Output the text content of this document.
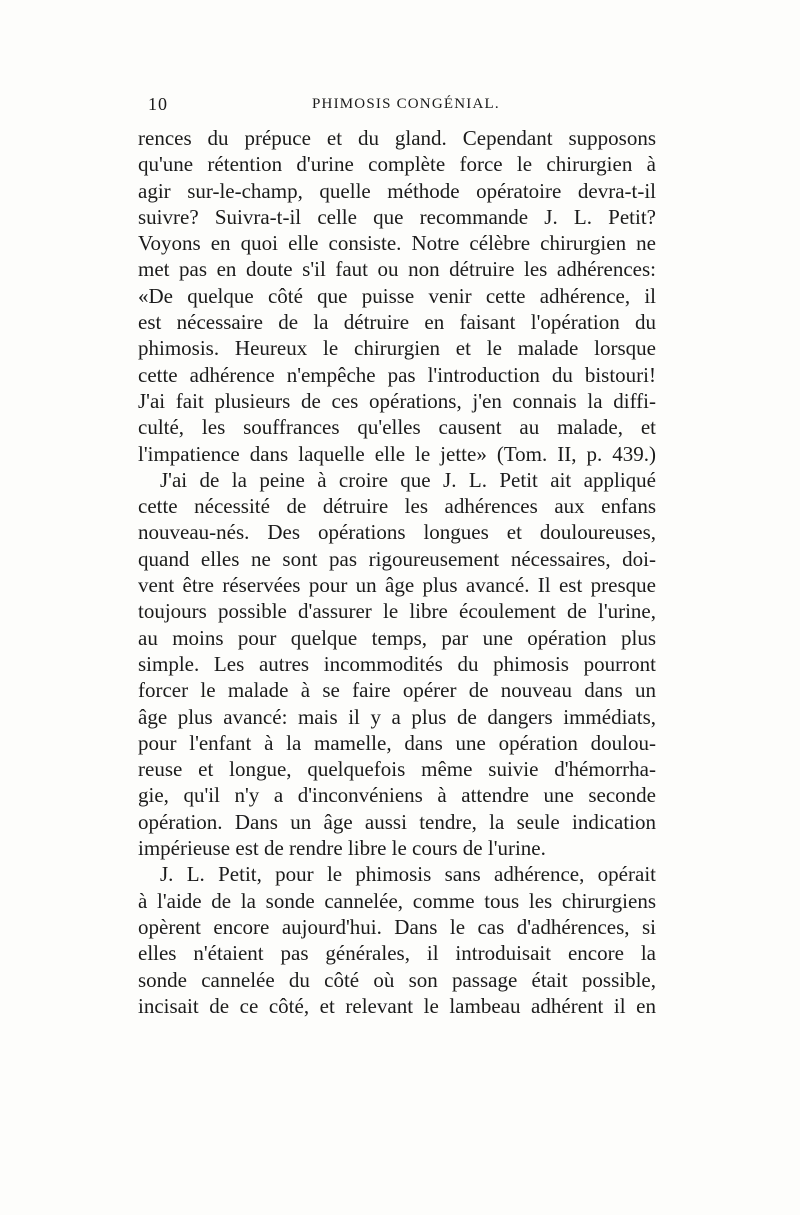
10	PHIMOSIS CONGÉNIAL.
rences du prépuce et du gland. Cependant supposons
qu'une rétention d'urine complète force le chirurgien à
agir sur-le-champ, quelle méthode opératoire devra-t-il
suivre? Suivra-t-il celle que recommande J. L. Petit?
Voyons en quoi elle consiste. Notre célèbre chirurgien ne
met pas en doute s'il faut ou non détruire les adhérences:
«De quelque côté que puisse venir cette adhérence, il
est nécessaire de la détruire en faisant l'opération du
phimosis. Heureux le chirurgien et le malade lorsque
cette adhérence n'empêche pas l'introduction du bistouri!
J'ai fait plusieurs de ces opérations, j'en connais la diffi-
culté, les souffrances qu'elles causent au malade, et
l'impatience dans laquelle elle le jette» (Tom. II, p. 439.)
J'ai de la peine à croire que J. L. Petit ait appliqué
cette nécessité de détruire les adhérences aux enfans
nouveau-nés. Des opérations longues et douloureuses,
quand elles ne sont pas rigoureusement nécessaires, doi-
vent être réservées pour un âge plus avancé. Il est presque
toujours possible d'assurer le libre écoulement de l'urine,
au moins pour quelque temps, par une opération plus
simple. Les autres incommodités du phimosis pourront
forcer le malade à se faire opérer de nouveau dans un
âge plus avancé: mais il y a plus de dangers immédiats,
pour l'enfant à la mamelle, dans une opération doulou-
reuse et longue, quelquefois même suivie d'hémorrha-
gie, qu'il n'y a d'inconvéniens à attendre une seconde
opération. Dans un âge aussi tendre, la seule indication
impérieuse est de rendre libre le cours de l'urine.
J. L. Petit, pour le phimosis sans adhérence, opérait
à l'aide de la sonde cannelée, comme tous les chirurgiens
opèrent encore aujourd'hui. Dans le cas d'adhérences, si
elles n'étaient pas générales, il introduisait encore la
sonde cannelée du côté où son passage était possible,
incisait de ce côté, et relevant le lambeau adhérent il en
